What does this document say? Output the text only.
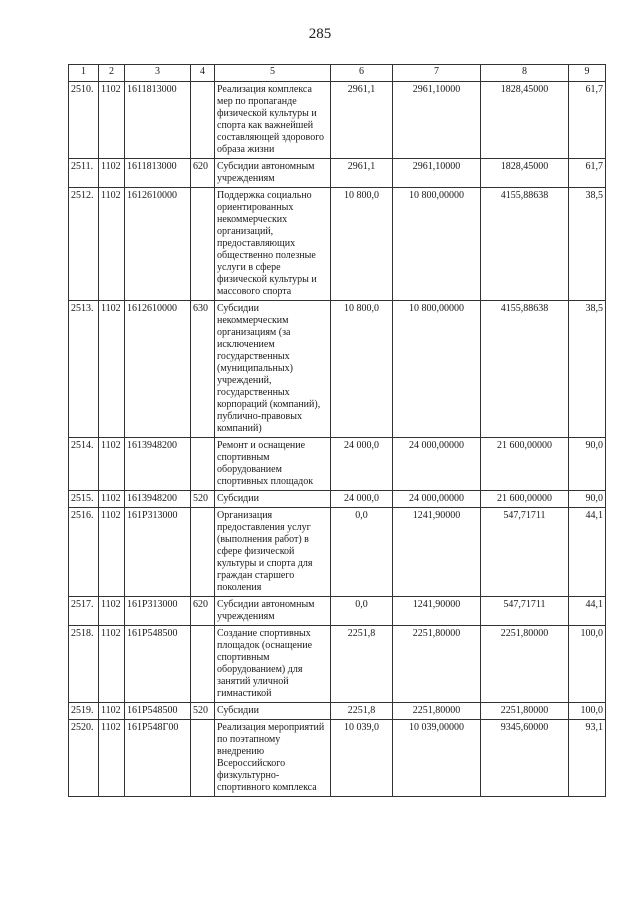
285
1	2	3	4	5	6	7	8	9
2510.	1102	1611813000		Реализация комплекса мер по пропаганде физической культуры и спорта как важнейшей составляющей здорового образа жизни	2961,1	2961,10000	1828,45000	61,7
2511.	1102	1611813000	620	Субсидии автономным учреждениям	2961,1	2961,10000	1828,45000	61,7
2512.	1102	1612610000		Поддержка социально ориентированных некоммерческих организаций, предоставляющих общественно полезные услуги в сфере физической культуры и массового спорта	10 800,0	10 800,00000	4155,88638	38,5
2513.	1102	1612610000	630	Субсидии некоммерческим организациям (за исключением государственных (муниципальных) учреждений, государственных корпораций (компаний), публично-правовых компаний)	10 800,0	10 800,00000	4155,88638	38,5
2514.	1102	1613948200		Ремонт и оснащение спортивным оборудованием спортивных площадок	24 000,0	24 000,00000	21 600,00000	90,0
2515.	1102	1613948200	520	Субсидии	24 000,0	24 000,00000	21 600,00000	90,0
2516.	1102	161P313000		Организация предоставления услуг (выполнения работ) в сфере физической культуры и спорта для граждан старшего поколения	0,0	1241,90000	547,71711	44,1
2517.	1102	161P313000	620	Субсидии автономным учреждениям	0,0	1241,90000	547,71711	44,1
2518.	1102	161P548500		Создание спортивных площадок (оснащение спортивным оборудованием) для занятий уличной гимнастикой	2251,8	2251,80000	2251,80000	100,0
2519.	1102	161P548500	520	Субсидии	2251,8	2251,80000	2251,80000	100,0
2520.	1102	161P548Г00		Реализация мероприятий по поэтапному внедрению Всероссийского физкультурно-спортивного комплекса	10 039,0	10 039,00000	9345,60000	93,1
